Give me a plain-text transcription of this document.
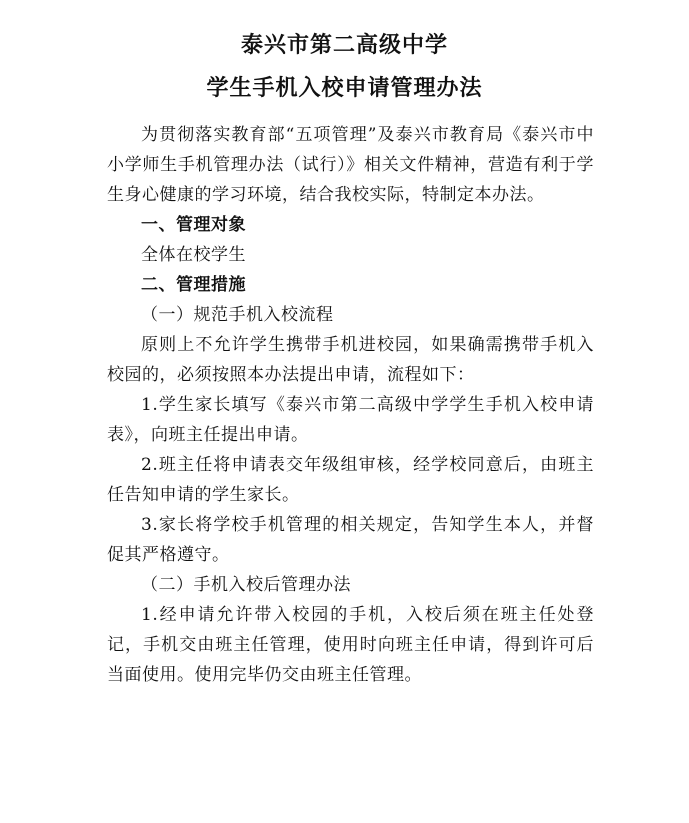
泰兴市第二高级中学
学生手机入校申请管理办法

为贯彻落实教育部“五项管理”及泰兴市教育局《泰兴市中小学师生手机管理办法（试行）》相关文件精神，营造有利于学生身心健康的学习环境，结合我校实际，特制定本办法。

一、管理对象

全体在校学生

二、管理措施

（一）规范手机入校流程

原则上不允许学生携带手机进校园，如果确需携带手机入校园的，必须按照本办法提出申请，流程如下：

1.学生家长填写《泰兴市第二高级中学学生手机入校申请表》，向班主任提出申请。

2.班主任将申请表交年级组审核，经学校同意后，由班主任告知申请的学生家长。

3.家长将学校手机管理的相关规定，告知学生本人，并督促其严格遵守。

（二）手机入校后管理办法

1.经申请允许带入校园的手机，入校后须在班主任处登记，手机交由班主任管理，使用时向班主任申请，得到许可后当面使用。使用完毕仍交由班主任管理。
